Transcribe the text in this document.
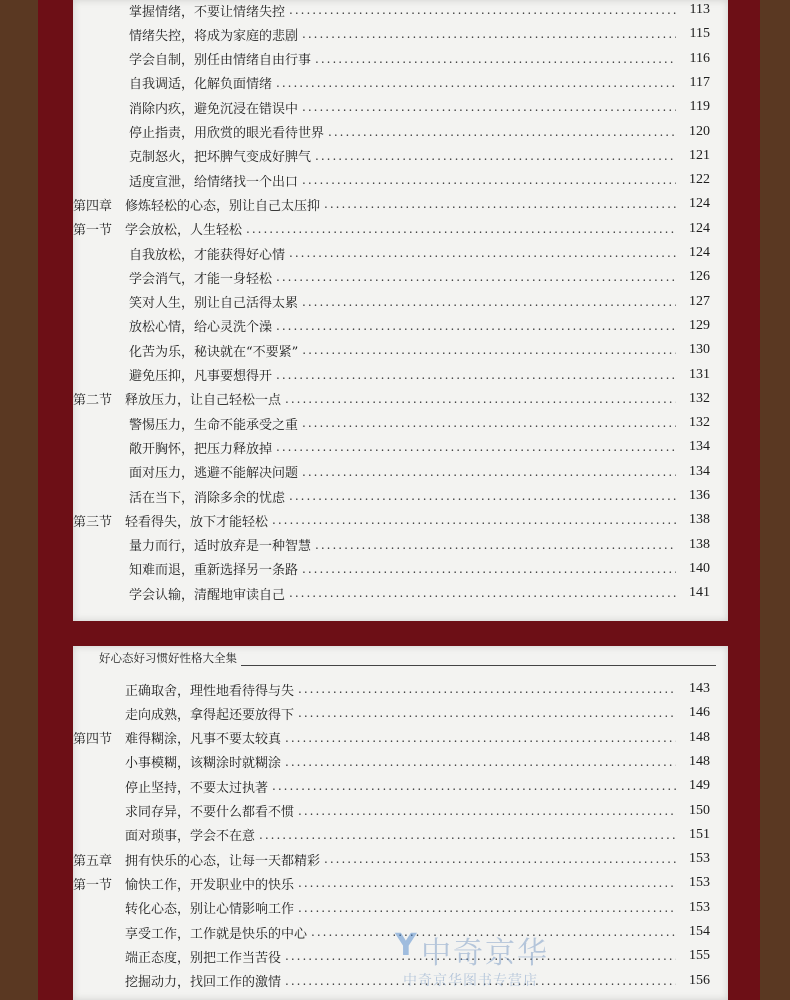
掌握情绪，不要让情绪失控 .....	113
情绪失控，将成为家庭的悲剧 .....	115
学会自制，别任由情绪自由行事 .....	116
自我调适，化解负面情绪 .....	117
消除内疚，避免沉浸在错误中 .....	119
停止指责，用欣赏的眼光看待世界 .....	120
克制怒火，把坏脾气变成好脾气 .....	121
适度宣泄，给情绪找一个出口 .....	122
第四章　修炼轻松的心态，别让自己太压抑 .....	124
第一节　学会放松，人生轻松 .....	124
自我放松，才能获得好心情 .....	124
学会消气，才能一身轻松 .....	126
笑对人生，别让自己活得太累 .....	127
放松心情，给心灵洗个澡 .....	129
化苦为乐，秘诀就在“不要紧” .....	130
避免压抑，凡事要想得开 .....	131
第二节　释放压力，让自己轻松一点 .....	132
警惕压力，生命不能承受之重 .....	132
敞开胸怀，把压力释放掉 .....	134
面对压力，逃避不能解决问题 .....	134
活在当下，消除多余的忧虑 .....	136
第三节　轻看得失，放下才能轻松 .....	138
量力而行，适时放弃是一种智慧 .....	138
知难而退，重新选择另一条路 .....	140
学会认输，清醒地审读自己 .....	141
好心态好习惯好性格大全集
正确取舍，理性地看待得与失 .....	143
走向成熟，拿得起还要放得下 .....	146
第四节　难得糊涂，凡事不要太较真 .....	148
小事模糊，该糊涂时就糊涂 .....	148
停止坚持，不要太过执著 .....	149
求同存异，不要什么都看不惯 .....	150
面对琐事，学会不在意 .....	151
第五章　拥有快乐的心态，让每一天都精彩 .....	153
第一节　愉快工作，开发职业中的快乐 .....	153
转化心态，别让心情影响工作 .....	153
享受工作，工作就是快乐的中心 .....	154
端正态度，别把工作当苦役 .....	155
挖掘动力，找回工作的激情 .....	156
Y 中奇京华
中奇京华图书专营店
